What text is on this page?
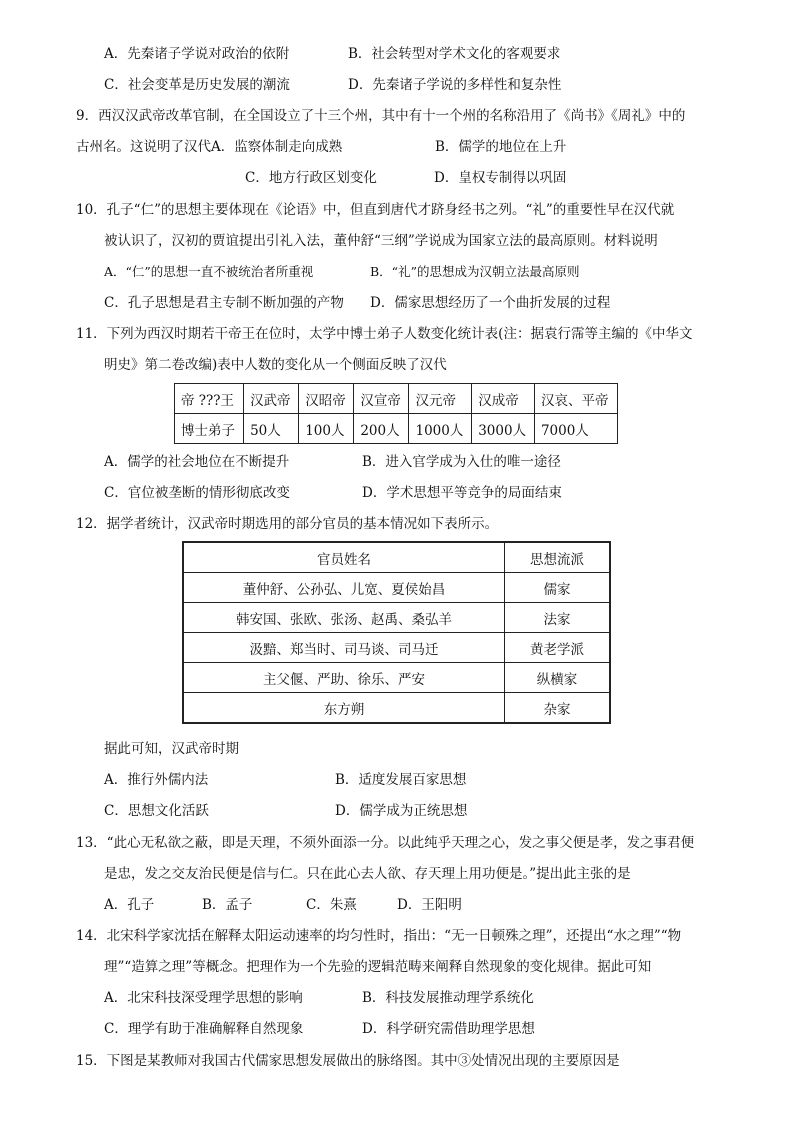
A．先秦诸子学说对政治的依附	B．社会转型对学术文化的客观要求
C．社会变革是历史发展的潮流	D．先秦诸子学说的多样性和复杂性
9．西汉汉武帝改革官制，在全国设立了十三个州，其中有十一个州的名称沿用了《尚书》《周礼》中的
古州名。这说明了汉代A．监察体制走向成熟	B．儒学的地位在上升
C．地方行政区划变化	D．皇权专制得以巩固
10．孔子“仁”的思想主要体现在《论语》中，但直到唐代才跻身经书之列。“礼”的重要性早在汉代就
被认识了，汉初的贾谊提出引礼入法，董仲舒“三纲”学说成为国家立法的最高原则。材料说明
A．“仁”的思想一直不被统治者所重视	B．“礼”的思想成为汉朝立法最高原则
C．孔子思想是君主专制不断加强的产物 D．儒家思想经历了一个曲折发展的过程
11．下列为西汉时期若干帝王在位时，太学中博士弟子人数变化统计表(注：据袁行霈等主编的《中华文
明史》第二卷改编)表中人数的变化从一个侧面反映了汉代
帝 ???王	汉武帝	汉昭帝	汉宣帝	汉元帝	汉成帝	汉哀、平帝
博士弟子	50人	100人	200人	1000人	3000人	7000人
A．儒学的社会地位在不断提升	B．进入官学成为入仕的唯一途径
C．官位被垄断的情形彻底改变	D．学术思想平等竞争的局面结束
12．据学者统计，汉武帝时期选用的部分官员的基本情况如下表所示。
官员姓名	思想流派
董仲舒、公孙弘、儿宽、夏侯始昌	儒家
韩安国、张欧、张汤、赵禹、桑弘羊	法家
汲黯、郑当时、司马谈、司马迁	黄老学派
主父偃、严助、徐乐、严安	纵横家
东方朔	杂家
据此可知，汉武帝时期
A．推行外儒内法	B．适度发展百家思想
C．思想文化活跃	D．儒学成为正统思想
13．“此心无私欲之蔽，即是天理，不须外面添一分。以此纯乎天理之心，发之事父便是孝，发之事君便
是忠，发之交友治民便是信与仁。只在此心去人欲、存天理上用功便是。”提出此主张的是
A．孔子	B．孟子	C．朱熹	D．王阳明
14．北宋科学家沈括在解释太阳运动速率的均匀性时，指出：“无一日顿殊之理”，还提出“水之理”“物
理”“造算之理”等概念。把理作为一个先验的逻辑范畴来阐释自然现象的变化规律。据此可知
A．北宋科技深受理学思想的影响	B．科技发展推动理学系统化
C．理学有助于准确解释自然现象	D．科学研究需借助理学思想
15．下图是某教师对我国古代儒家思想发展做出的脉络图。其中③处情况出现的主要原因是
